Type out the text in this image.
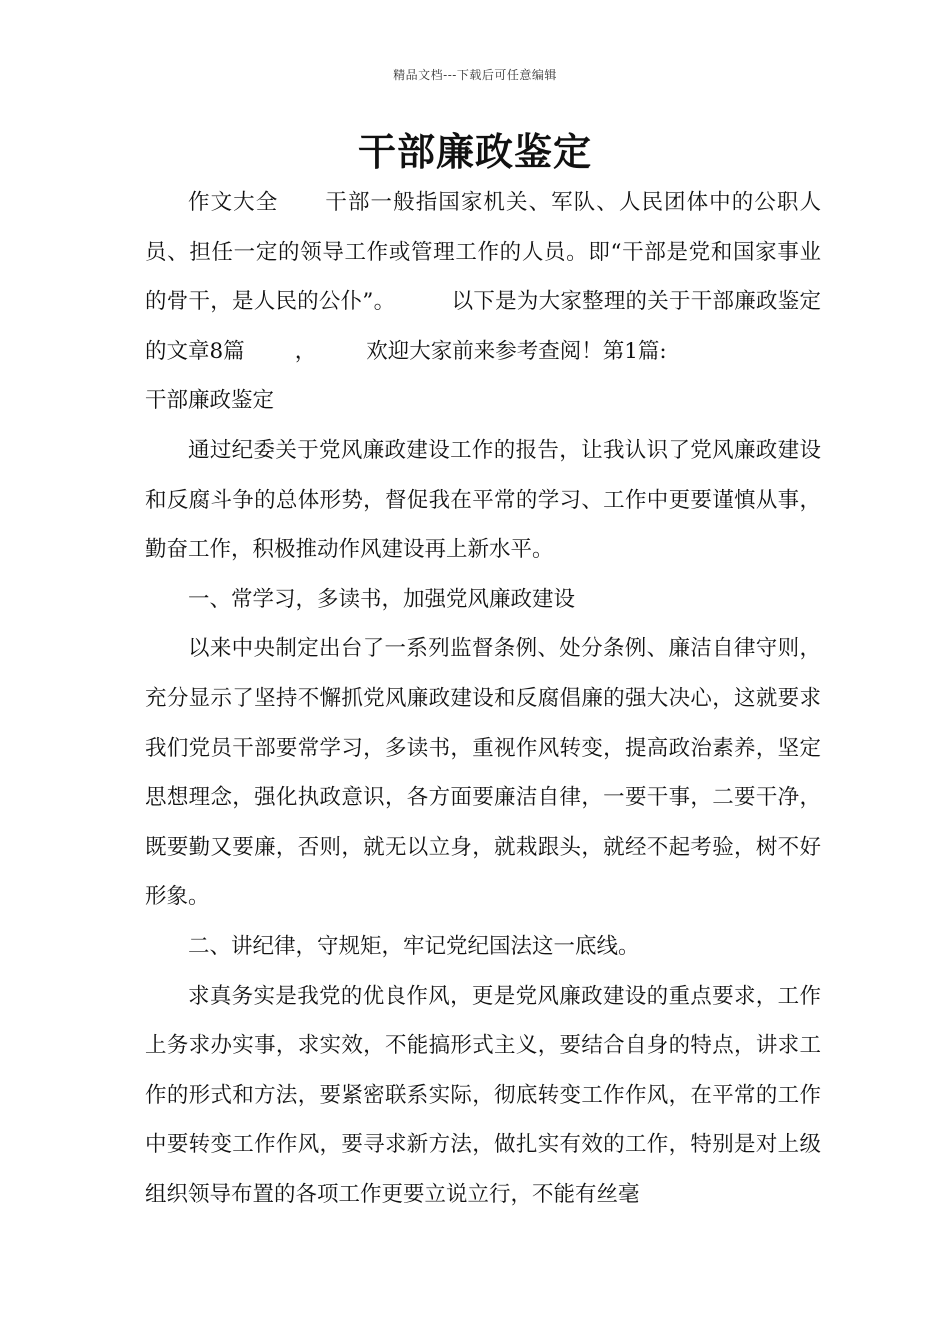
精品文档---下载后可任意编辑
干部廉政鉴定

作文大全 干部一般指国家机关、军队、人民团体中的公职人员、担任一定的领导工作或管理工作的人员。即“干部是党和国家事业的骨干，是人民的公仆”。	以下是为大家整理的关于干部廉政鉴定的文章8篇 ， 欢迎大家前来参考查阅！第1篇:

干部廉政鉴定

通过纪委关于党风廉政建设工作的报告，让我认识了党风廉政建设和反腐斗争的总体形势，督促我在平常的学习、工作中更要谨慎从事，勤奋工作，积极推动作风建设再上新水平。

一、常学习，多读书，加强党风廉政建设

以来中央制定出台了一系列监督条例、处分条例、廉洁自律守则，充分显示了坚持不懈抓党风廉政建设和反腐倡廉的强大决心，这就要求我们党员干部要常学习，多读书，重视作风转变，提高政治素养，坚定思想理念，强化执政意识，各方面要廉洁自律，一要干事，二要干净，既要勤又要廉，否则，就无以立身，就栽跟头，就经不起考验，树不好形象。

二、讲纪律，守规矩，牢记党纪国法这一底线。

求真务实是我党的优良作风，更是党风廉政建设的重点要求，工作上务求办实事，求实效，不能搞形式主义，要结合自身的特点，讲求工作的形式和方法，要紧密联系实际，彻底转变工作作风，在平常的工作中要转变工作作风，要寻求新方法，做扎实有效的工作，特别是对上级组织领导布置的各项工作更要立说立行，不能有丝毫
